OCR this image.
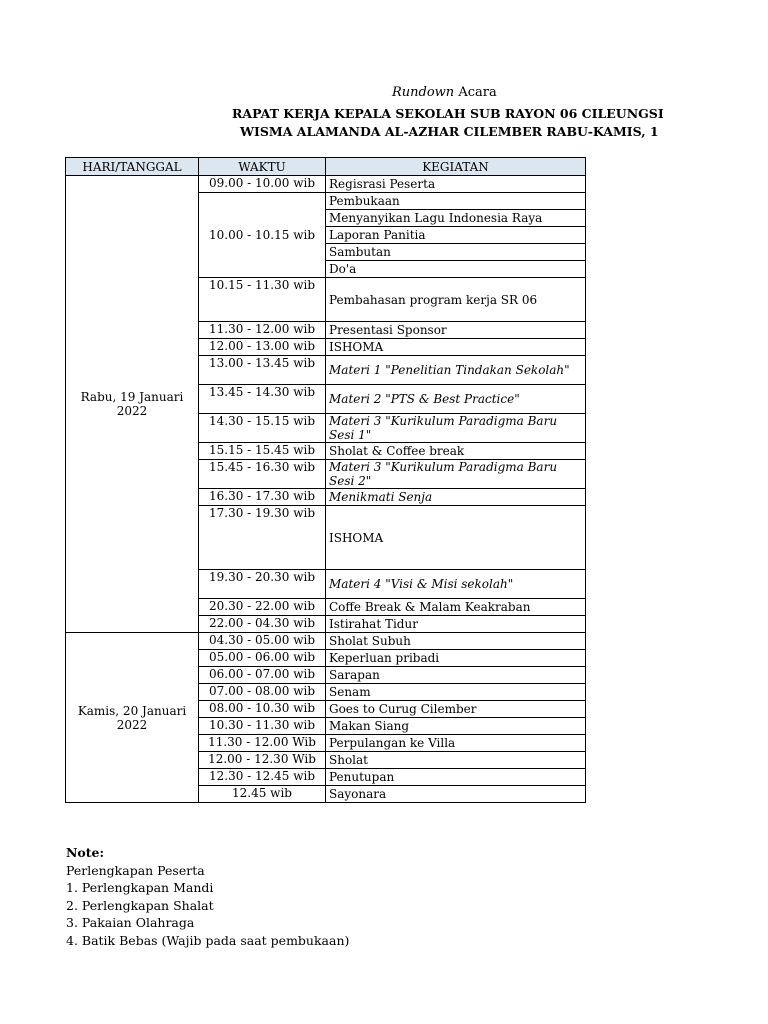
Rundown Acara
RAPAT KERJA KEPALA SEKOLAH SUB RAYON 06 CILEUNGSI
WISMA ALAMANDA AL-AZHAR CILEMBER RABU-KAMIS, 1
HARI/TANGGAL	WAKTU	KEGIATAN
Rabu, 19 Januari 2022	09.00 - 10.00 wib	Regisrasi Peserta
	10.00 - 10.15 wib	Pembukaan
		Menyanyikan Lagu Indonesia Raya
		Laporan Panitia
		Sambutan
		Do'a
	10.15 - 11.30 wib	Pembahasan program kerja SR 06
	11.30 - 12.00 wib	Presentasi Sponsor
	12.00 - 13.00 wib	ISHOMA
	13.00 - 13.45 wib	Materi 1 "Penelitian Tindakan Sekolah"
	13.45 - 14.30 wib	Materi 2 "PTS & Best Practice"
	14.30 - 15.15 wib	Materi 3 "Kurikulum Paradigma Baru Sesi 1"
	15.15 - 15.45 wib	Sholat & Coffee break
	15.45 - 16.30 wib	Materi 3 "Kurikulum Paradigma Baru Sesi 2"
	16.30 - 17.30 wib	Menikmati Senja
	17.30 - 19.30 wib	ISHOMA
	19.30 - 20.30 wib	Materi 4 "Visi & Misi sekolah"
	20.30 - 22.00 wib	Coffe Break & Malam Keakraban
	22.00 - 04.30 wib	Istirahat Tidur
Kamis, 20 Januari 2022	04.30 - 05.00 wib	Sholat Subuh
	05.00 - 06.00 wib	Keperluan pribadi
	06.00 - 07.00 wib	Sarapan
	07.00 - 08.00 wib	Senam
	08.00 - 10.30 wib	Goes to Curug Cilember
	10.30 - 11.30 wib	Makan Siang
	11.30 - 12.00 Wib	Perpulangan ke Villa
	12.00 - 12.30 Wib	Sholat
	12.30 - 12.45 wib	Penutupan
	12.45 wib	Sayonara
Note:
Perlengkapan Peserta
1. Perlengkapan Mandi
2. Perlengkapan Shalat
3. Pakaian Olahraga
4. Batik Bebas (Wajib pada saat pembukaan)
